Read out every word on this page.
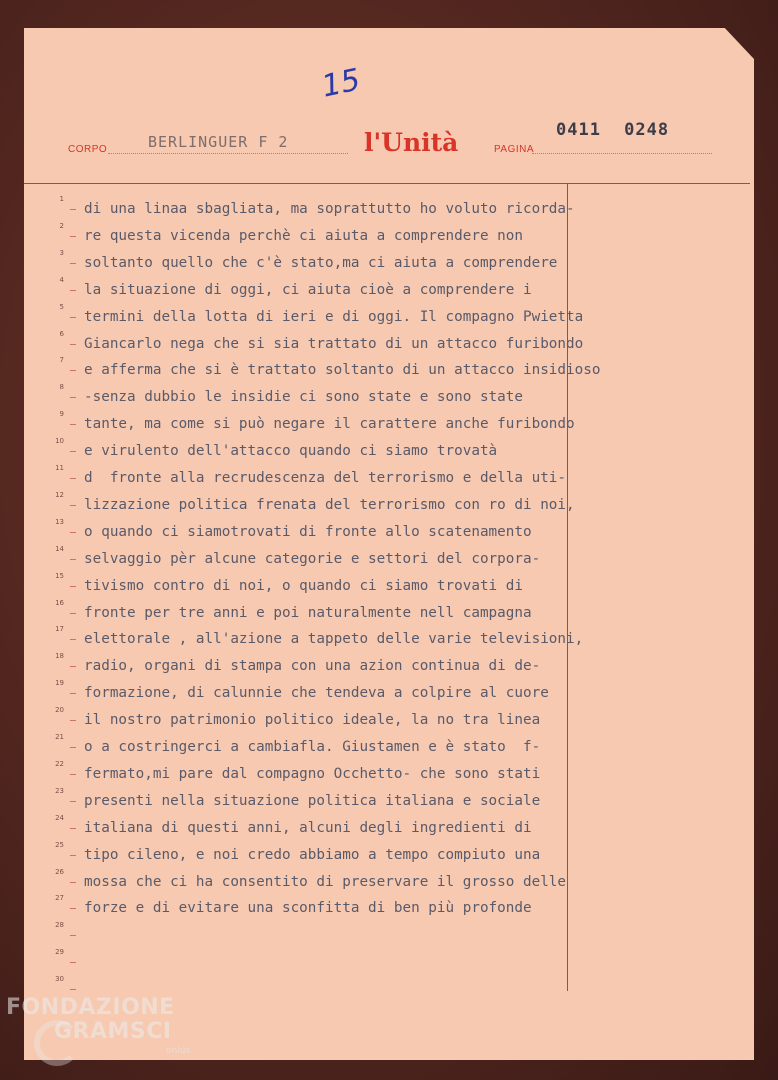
15
CORPO	BERLINGUER F 2	l'Unità	PAGINA
0411 0248
1
di una linaa sbagliata, ma soprattutto ho voluto ricorda-
2
re questa vicenda perchè ci aiuta a comprendere non
3
soltanto quello che c'è stato,ma ci aiuta a comprendere
4
la situazione di oggi, ci aiuta cioè a comprendere i
5
termini della lotta di ieri e di oggi. Il compagno Pwietta
6
Giancarlo nega che si sia trattato di un attacco furibondo
7
e afferma che si è trattato soltanto di un attacco insidioso
8
-senza dubbio le insidie ci sono state e sono state
9
tante, ma come si può negare il carattere anche furibondo
10
e virulento dell'attacco quando ci siamo trovatà
11
d  fronte alla recrudescenza del terrorismo e della uti-
12
lizzazione politica frenata del terrorismo con ro di noi,
13
o quando ci siamotrovati di fronte allo scatenamento
14
selvaggio pèr alcune categorie e settori del corpora-
15
tivismo contro di noi, o quando ci siamo trovati di
16
fronte per tre anni e poi naturalmente nell campagna
17
elettorale , all'azione a tappeto delle varie televisioni,
18
radio, organi di stampa con una azion continua di de-
19
formazione, di calunnie che tendeva a colpire al cuore
20
il nostro patrimonio politico ideale, la no tra linea
21
o a costringerci a cambiafla. Giustamen e è stato  f-
22
fermato,mi pare dal compagno Occhetto- che sono stati
23
presenti nella situazione politica italiana e sociale
24
italiana di questi anni, alcuni degli ingredienti di
25
tipo cileno, e noi credo abbiamo a tempo compiuto una
26
mossa che ci ha consentito di preservare il grosso delle
27
forze e di evitare una sconfitta di ben più profonde
28
29
30
FONDAZIONE
GRAMSCI
onlus
